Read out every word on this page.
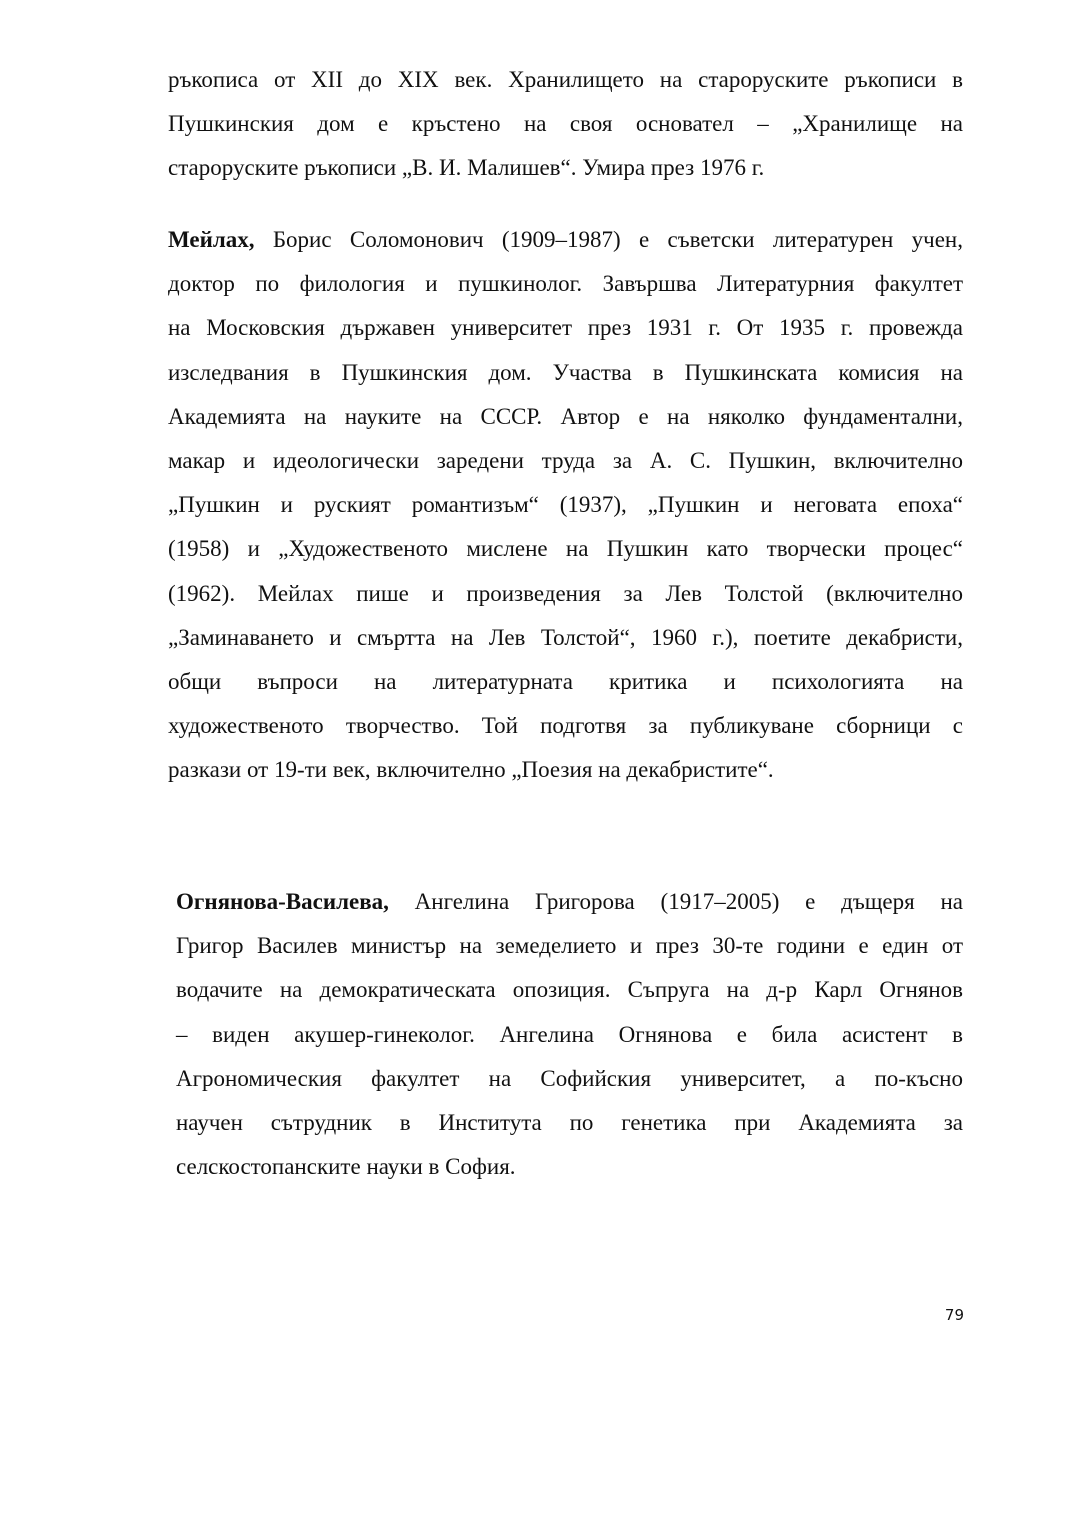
ръкописа от XII до XIX век. Хранилището на староруските ръкописи в
Пушкинския дом е кръстено на своя основател – „Хранилище на
староруските ръкописи „В. И. Малишев“. Умира през 1976 г.
Мейлах, Борис Соломонович (1909–1987) е съветски литературен учен,
доктор по филология и пушкинолог. Завършва Литературния факултет
на Московския държавен университет през 1931 г. От 1935 г. провежда
изследвания в Пушкинския дом. Участва в Пушкинската комисия на
Академията на науките на СССР. Автор е на няколко фундаментални,
макар и идеологически заредени труда за А. С. Пушкин, включително
„Пушкин и руският романтизъм“ (1937), „Пушкин и неговата епоха“
(1958) и „Художественото мислене на Пушкин като творчески процес“
(1962). Мейлах пише и произведения за Лев Толстой (включително
„Заминаването и смъртта на Лев Толстой“, 1960 г.), поетите декабристи,
общи въпроси на литературната критика и психологията на
художественото творчество. Той подготвя за публикуване сборници с
разкази от 19-ти век, включително „Поезия на декабристите“.
Огнянова-Василева, Ангелина Григорова (1917–2005) е дъщеря на
Григор Василев министър на земеделието и през 30-те години е един от
водачите на демократическата опозиция. Съпруга на д-р Карл Огнянов
– виден акушер-гинеколог. Ангелина Огнянова е била асистент в
Агрономическия факултет на Софийския университет, а по-късно
научен сътрудник в Института по генетика при Академията за
селскостопанските науки в София.
79
